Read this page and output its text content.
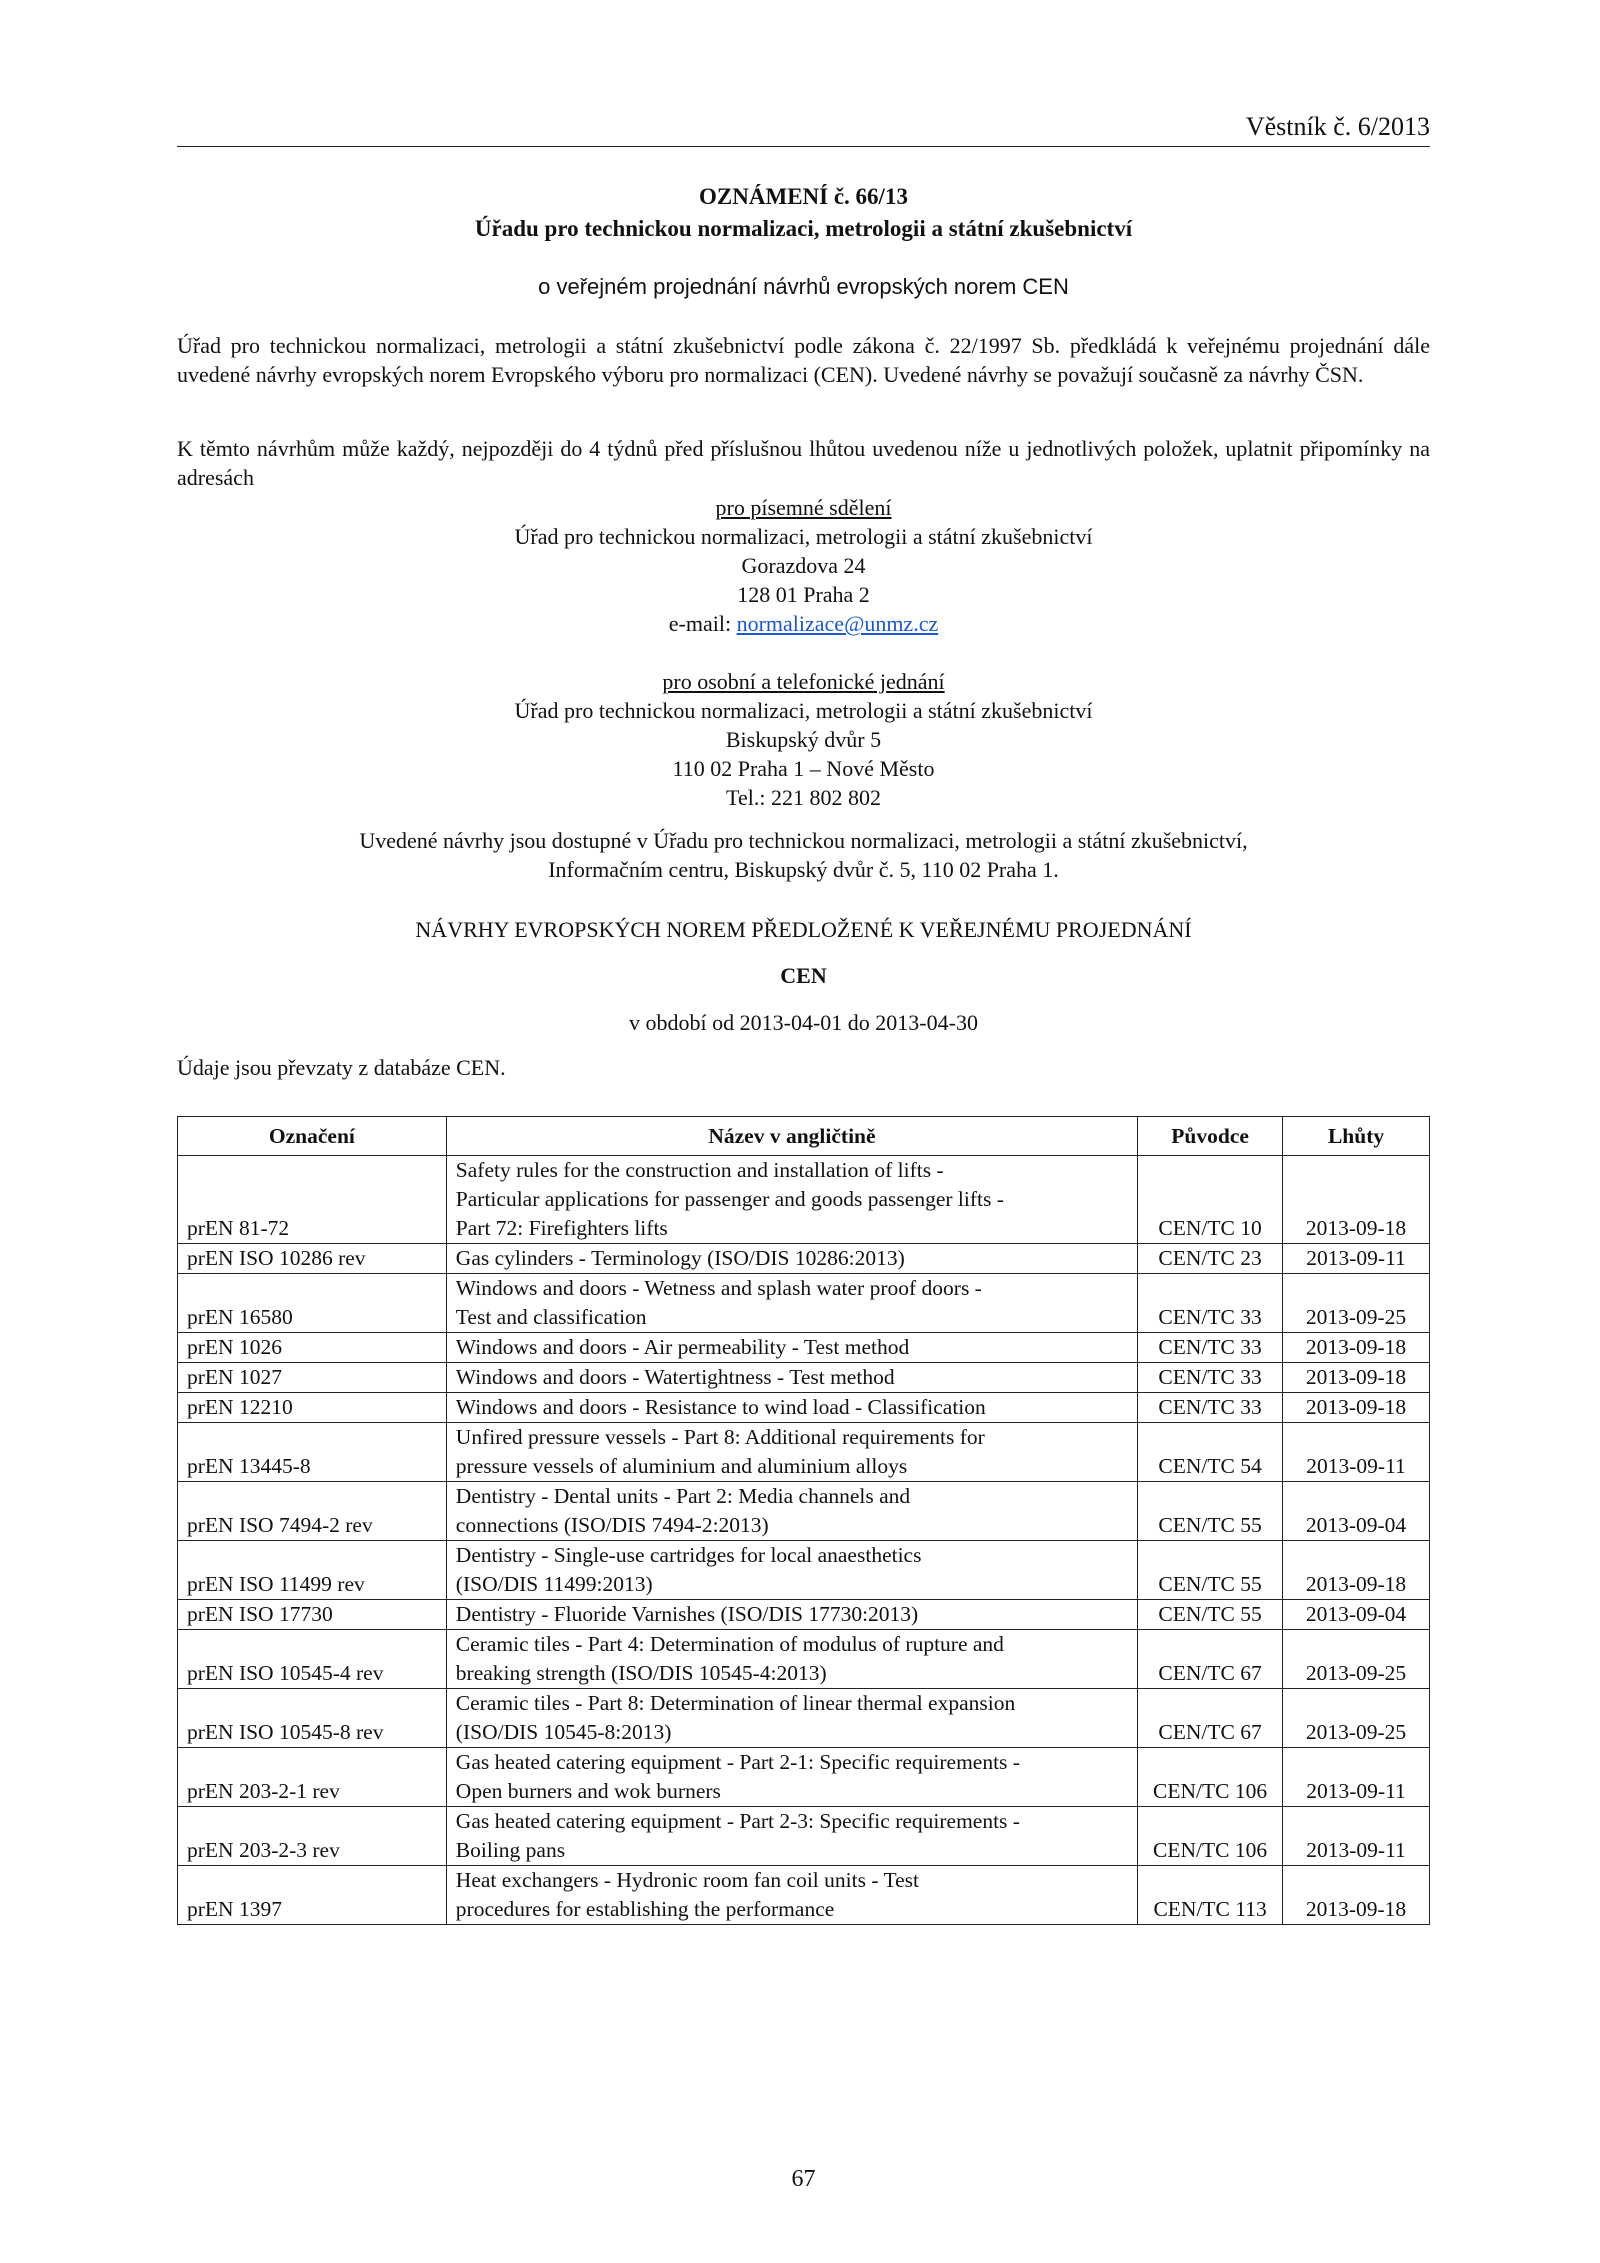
Věstník č. 6/2013
OZNÁMENÍ č. 66/13
Úřadu pro technickou normalizaci, metrologii a státní zkušebnictví
o veřejném projednání návrhů evropských norem CEN
Úřad pro technickou normalizaci, metrologii a státní zkušebnictví podle zákona č. 22/1997 Sb. předkládá k veřejnému projednání dále uvedené návrhy evropských norem Evropského výboru pro normalizaci (CEN). Uvedené návrhy se považují současně za návrhy ČSN.
K těmto návrhům může každý, nejpozději do 4 týdnů před příslušnou lhůtou uvedenou níže u jednotlivých položek, uplatnit připomínky na adresách
pro písemné sdělení
Úřad pro technickou normalizaci, metrologii a státní zkušebnictví
Gorazdova 24
128 01 Praha 2
e-mail: normalizace@unmz.cz
pro osobní a telefonické jednání
Úřad pro technickou normalizaci, metrologii a státní zkušebnictví
Biskupský dvůr 5
110 02 Praha 1 – Nové Město
Tel.: 221 802 802
Uvedené návrhy jsou dostupné v Úřadu pro technickou normalizaci, metrologii a státní zkušebnictví,
Informačním centru, Biskupský dvůr č. 5, 110 02 Praha 1.
NÁVRHY EVROPSKÝCH NOREM PŘEDLOŽENÉ K VEŘEJNÉMU PROJEDNÁNÍ
CEN
v období od 2013-04-01 do 2013-04-30
Údaje jsou převzaty z databáze CEN.
Označení	Název v angličtině	Původce	Lhůty
prEN 81-72	Safety rules for the construction and installation of lifts -
Particular applications for passenger and goods passenger lifts -
Part 72: Firefighters lifts	CEN/TC 10	2013-09-18
prEN ISO 10286 rev	Gas cylinders - Terminology (ISO/DIS 10286:2013)	CEN/TC 23	2013-09-11
prEN 16580	Windows and doors - Wetness and splash water proof doors -
Test and classification	CEN/TC 33	2013-09-25
prEN 1026	Windows and doors - Air permeability - Test method	CEN/TC 33	2013-09-18
prEN 1027	Windows and doors - Watertightness - Test method	CEN/TC 33	2013-09-18
prEN 12210	Windows and doors - Resistance to wind load - Classification	CEN/TC 33	2013-09-18
prEN 13445-8	Unfired pressure vessels - Part 8: Additional requirements for
pressure vessels of aluminium and aluminium alloys	CEN/TC 54	2013-09-11
prEN ISO 7494-2 rev	Dentistry - Dental units - Part 2: Media channels and
connections (ISO/DIS 7494-2:2013)	CEN/TC 55	2013-09-04
prEN ISO 11499 rev	Dentistry - Single-use cartridges for local anaesthetics
(ISO/DIS 11499:2013)	CEN/TC 55	2013-09-18
prEN ISO 17730	Dentistry - Fluoride Varnishes (ISO/DIS 17730:2013)	CEN/TC 55	2013-09-04
prEN ISO 10545-4 rev	Ceramic tiles - Part 4: Determination of modulus of rupture and
breaking strength (ISO/DIS 10545-4:2013)	CEN/TC 67	2013-09-25
prEN ISO 10545-8 rev	Ceramic tiles - Part 8: Determination of linear thermal expansion
(ISO/DIS 10545-8:2013)	CEN/TC 67	2013-09-25
prEN 203-2-1 rev	Gas heated catering equipment - Part 2-1: Specific requirements -
Open burners and wok burners	CEN/TC 106	2013-09-11
prEN 203-2-3 rev	Gas heated catering equipment - Part 2-3: Specific requirements -
Boiling pans	CEN/TC 106	2013-09-11
prEN 1397	Heat exchangers - Hydronic room fan coil units - Test
procedures for establishing the performance	CEN/TC 113	2013-09-18
67
